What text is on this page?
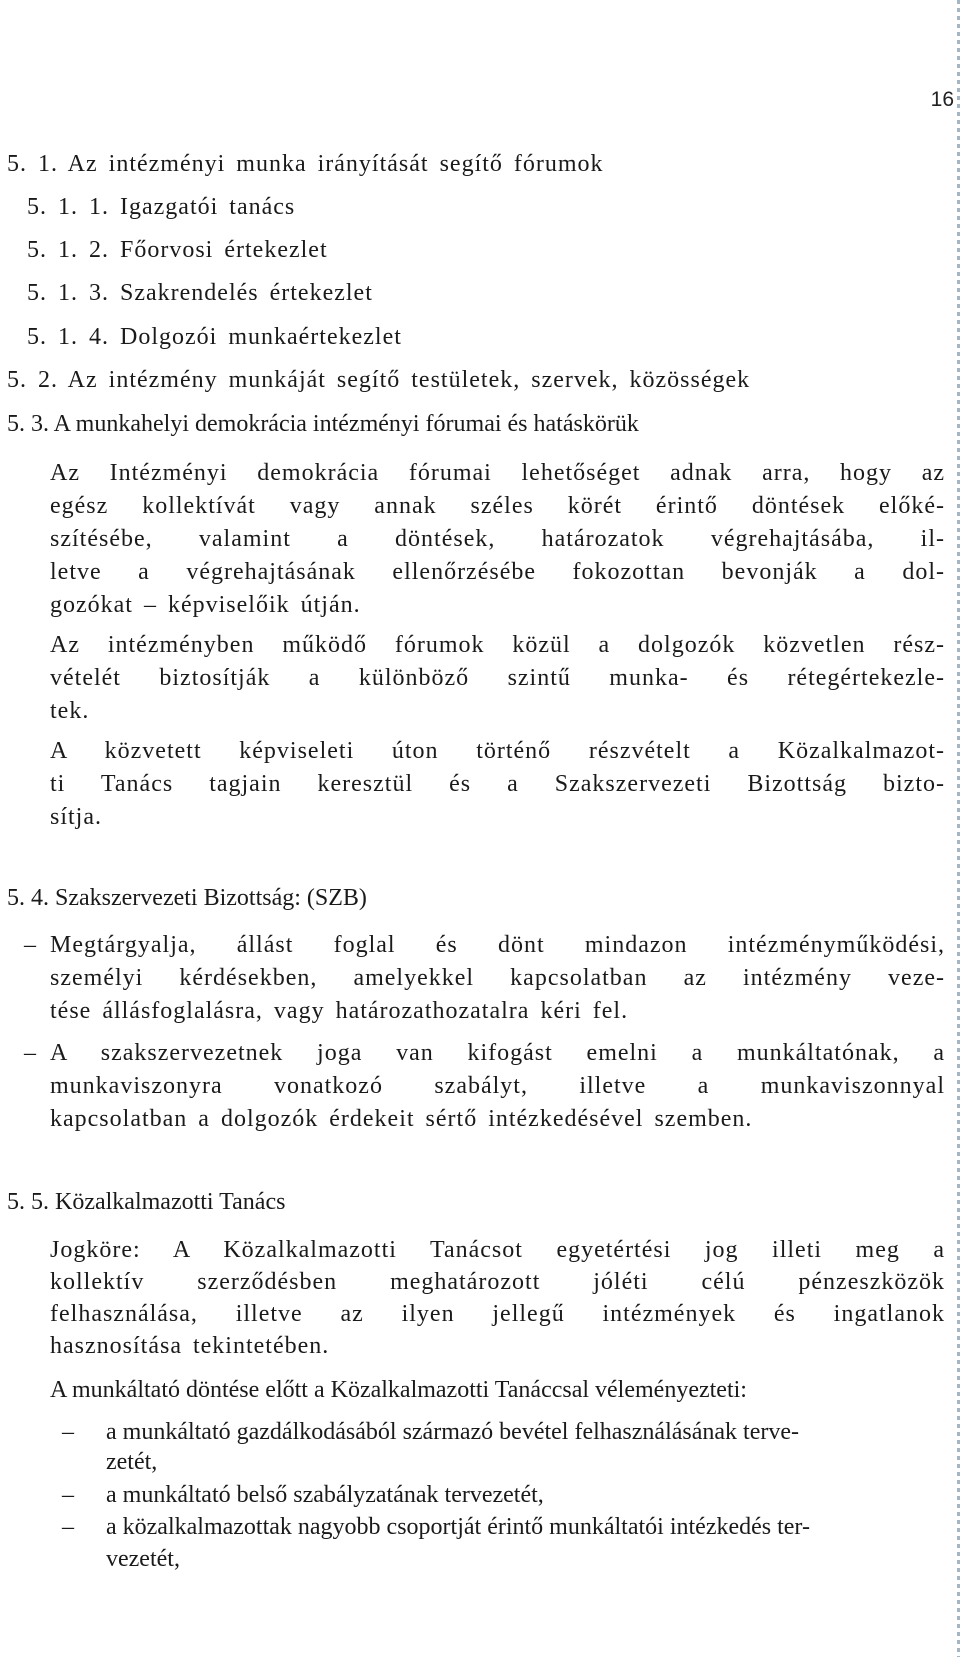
16
5. 1. Az intézményi munka irányítását segítő fórumok
5. 1. 1. Igazgatói tanács
5. 1. 2. Főorvosi értekezlet
5. 1. 3. Szakrendelés értekezlet
5. 1. 4. Dolgozói munkaértekezlet
5. 2. Az intézmény munkáját segítő testületek, szervek, közösségek
5. 3. A munkahelyi demokrácia intézményi fórumai és hatáskörük
Az Intézményi demokrácia fórumai lehetőséget adnak arra, hogy az
egész kollektívát vagy annak széles körét érintő döntések előké-
szítésébe, valamint a döntések, határozatok végrehajtásába, il-
letve a végrehajtásának ellenőrzésébe fokozottan bevonják a dol-
gozókat – képviselőik útján.
Az intézményben működő fórumok közül a dolgozók közvetlen rész-
vételét biztosítják a különböző szintű munka- és rétegértekezle-
tek.
A közvetett képviseleti úton történő részvételt a Közalkalmazot-
ti Tanács tagjain keresztül és a Szakszervezeti Bizottság bizto-
sítja.
5. 4. Szakszervezeti Bizottság: (SZB)
– Megtárgyalja, állást foglal és dönt mindazon intézményműködési,
személyi kérdésekben, amelyekkel kapcsolatban az intézmény veze-
tése állásfoglalásra, vagy határozathozatalra kéri fel.
– A szakszervezetnek joga van kifogást emelni a munkáltatónak, a
munkaviszonyra vonatkozó szabályt, illetve a munkaviszonnyal
kapcsolatban a dolgozók érdekeit sértő intézkedésével szemben.
5. 5. Közalkalmazotti Tanács
Jogköre: A Közalkalmazotti Tanácsot egyetértési jog illeti meg a
kollektív szerződésben meghatározott jóléti célú pénzeszközök
felhasználása, illetve az ilyen jellegű intézmények és ingatlanok
hasznosítása tekintetében.
A munkáltató döntése előtt a Közalkalmazotti Tanáccsal véleményezteti:
– a munkáltató gazdálkodásából származó bevétel felhasználásának terve-
zetét,
– a munkáltató belső szabályzatának tervezetét,
– a közalkalmazottak nagyobb csoportját érintő munkáltatói intézkedés ter-
vezetét,
